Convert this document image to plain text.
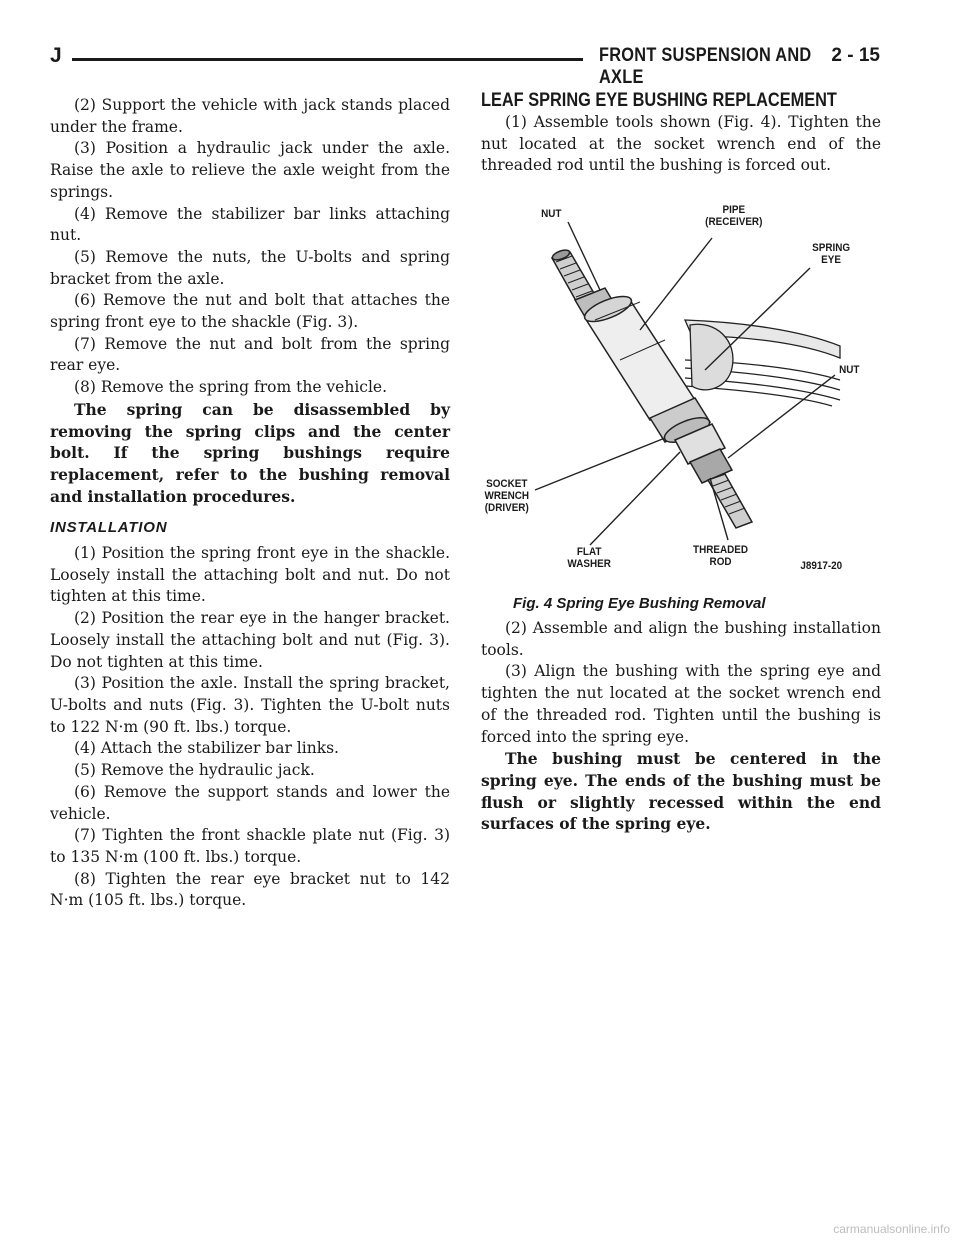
J	FRONT SUSPENSION AND AXLE
2 - 15

(2) Support the vehicle with jack stands placed under the frame.

(3) Position a hydraulic jack under the axle. Raise the axle to relieve the axle weight from the springs.

(4) Remove the stabilizer bar links attaching nut.

(5) Remove the nuts, the U-bolts and spring bracket from the axle.

(6) Remove the nut and bolt that attaches the spring front eye to the shackle (Fig. 3).

(7) Remove the nut and bolt from the spring rear eye.

(8) Remove the spring from the vehicle.

The spring can be disassembled by removing the spring clips and the center bolt. If the spring bushings require replacement, refer to the bushing removal and installation procedures.

INSTALLATION

(1) Position the spring front eye in the shackle. Loosely install the attaching bolt and nut. Do not tighten at this time.

(2) Position the rear eye in the hanger bracket. Loosely install the attaching bolt and nut (Fig. 3). Do not tighten at this time.

(3) Position the axle. Install the spring bracket, U-bolts and nuts (Fig. 3). Tighten the U-bolt nuts to 122 N·m (90 ft. lbs.) torque.

(4) Attach the stabilizer bar links.

(5) Remove the hydraulic jack.

(6) Remove the support stands and lower the vehicle.

(7) Tighten the front shackle plate nut (Fig. 3) to 135 N·m (100 ft. lbs.) torque.

(8) Tighten the rear eye bracket nut to 142 N·m (105 ft. lbs.) torque.

LEAF SPRING EYE BUSHING REPLACEMENT

(1) Assemble tools shown (Fig. 4). Tighten the nut located at the socket wrench end of the threaded rod until the bushing is forced out.

NUT	PIPE
(RECEIVER)
SPRING
EYE
NUT
SOCKET
WRENCH
(DRIVER)
FLAT
WASHER
THREADED
ROD	J8917-20
Fig. 4 Spring Eye Bushing Removal

(2) Assemble and align the bushing installation tools.

(3) Align the bushing with the spring eye and tighten the nut located at the socket wrench end of the threaded rod. Tighten until the bushing is forced into the spring eye.

The bushing must be centered in the spring eye. The ends of the bushing must be flush or slightly recessed within the end surfaces of the spring eye.

carmanualsonline.info
